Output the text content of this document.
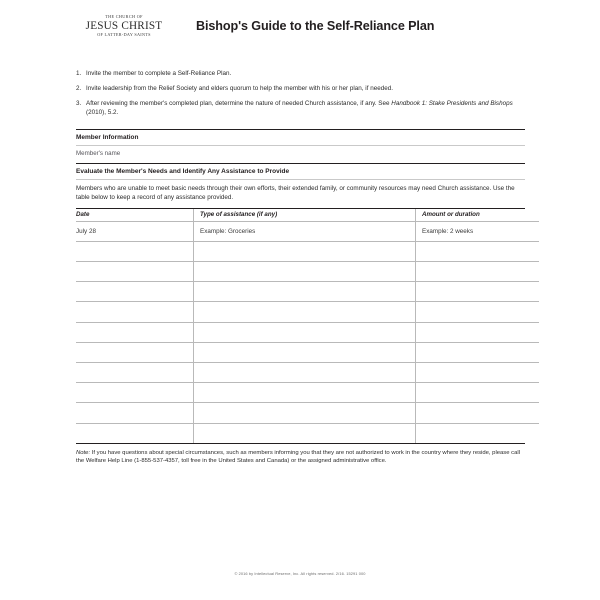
THE CHURCH OF
JESUS CHRIST
OF LATTER-DAY SAINTS
Bishop's Guide to the Self-Reliance Plan
1. Invite the member to complete a Self-Reliance Plan.
2. Invite leadership from the Relief Society and elders quorum to help the member with his or her plan, if needed.
3. After reviewing the member's completed plan, determine the nature of needed Church assistance, if any. See Handbook 1: Stake Presidents and Bishops (2010), 5.2.
Member Information
Member's name
Evaluate the Member's Needs and Identify Any Assistance to Provide
Members who are unable to meet basic needs through their own efforts, their extended family, or community resources may need Church assistance. Use the table below to keep a record of any assistance provided.
Date	Type of assistance (if any)	Amount or duration
July 28	Example: Groceries	Example: 2 weeks

Note: If you have questions about special circumstances, such as members informing you that they are not authorized to work in the country where they reside, please call the Welfare Help Line (1-855-537-4357, toll free in the United States and Canada) or the assigned administrative office.
© 2016 by Intellectual Reserve, Inc. All rights reserved. 2/16. 15291 000
